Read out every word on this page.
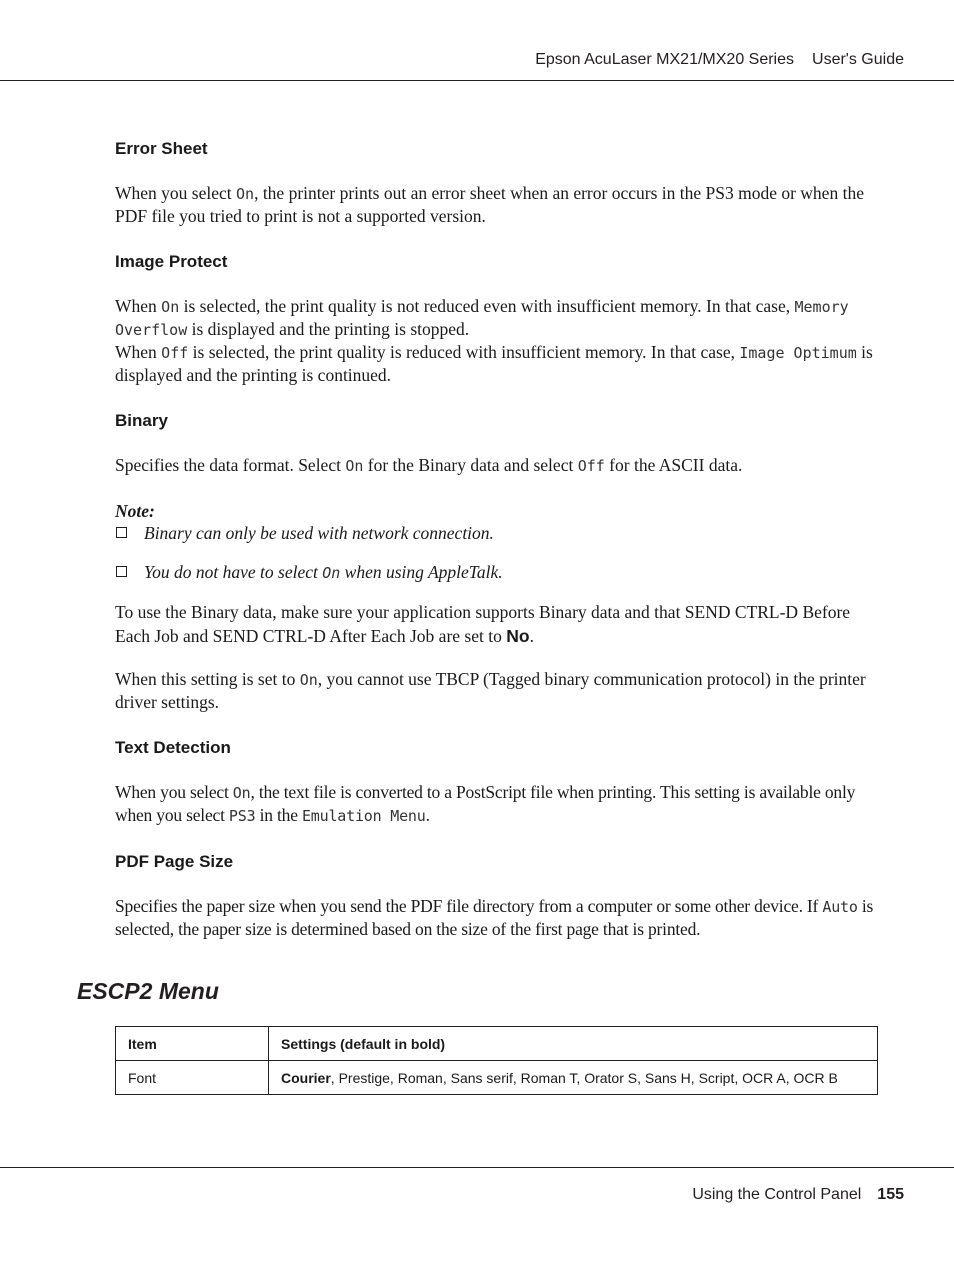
Epson AcuLaser MX21/MX20 Series User's Guide
Error Sheet

When you select On, the printer prints out an error sheet when an error occurs in the PS3 mode or when the PDF file you tried to print is not a supported version.

Image Protect

When On is selected, the print quality is not reduced even with insufficient memory. In that case, Memory Overflow is displayed and the printing is stopped.
When Off is selected, the print quality is reduced with insufficient memory. In that case, Image Optimum is displayed and the printing is continued.

Binary

Specifies the data format. Select On for the Binary data and select Off for the ASCII data.

Note:

Binary can only be used with network connection.

You do not have to select On when using AppleTalk.

To use the Binary data, make sure your application supports Binary data and that SEND CTRL-D Before Each Job and SEND CTRL-D After Each Job are set to No.

When this setting is set to On, you cannot use TBCP (Tagged binary communication protocol) in the printer driver settings.

Text Detection

When you select On, the text file is converted to a PostScript file when printing. This setting is available only when you select PS3 in the Emulation Menu.

PDF Page Size

Specifies the paper size when you send the PDF file directory from a computer or some other device. If Auto is selected, the paper size is determined based on the size of the first page that is printed.

ESCP2 Menu
Item	Settings (default in bold)
Font	Courier, Prestige, Roman, Sans serif, Roman T, Orator S, Sans H, Script, OCR A, OCR B
Using the Control Panel 155
